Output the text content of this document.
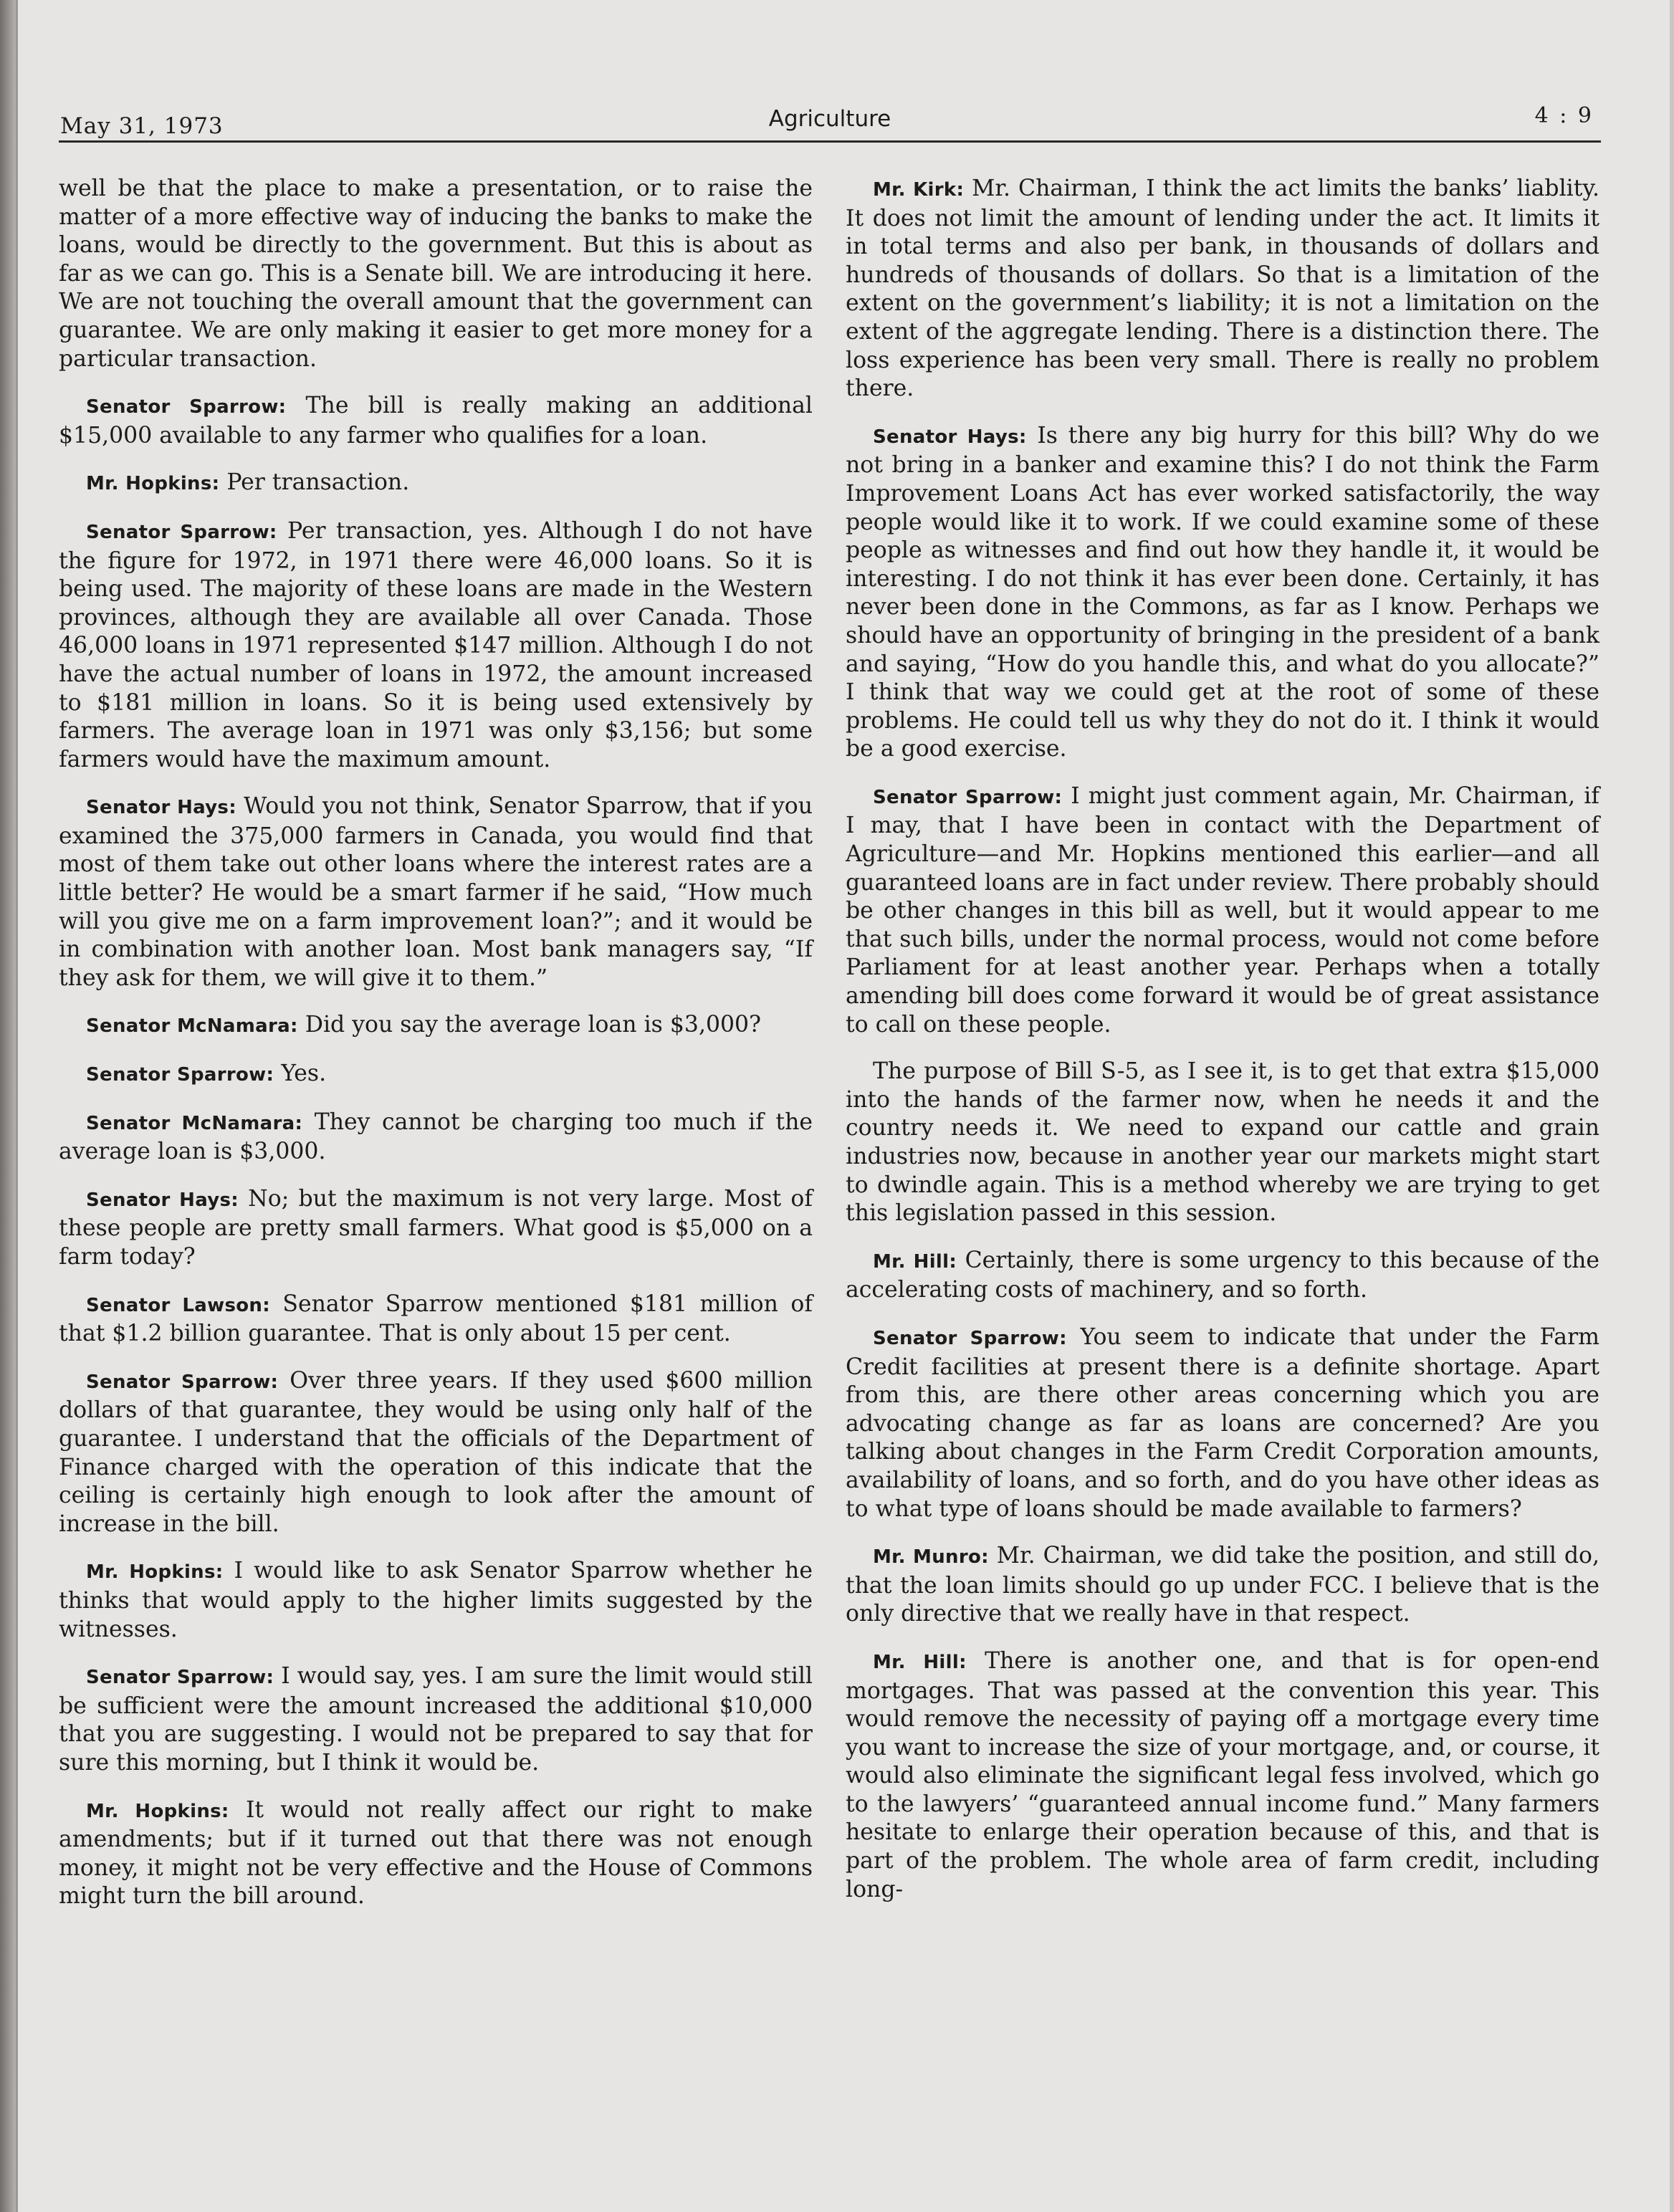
May 31, 1973	Agriculture	4 : 9

well be that the place to make a presentation, or to raise the matter of a more effective way of inducing the banks to make the loans, would be directly to the government. But this is about as far as we can go. This is a Senate bill. We are introducing it here. We are not touching the overall amount that the government can guarantee. We are only making it easier to get more money for a particular transaction.

Senator Sparrow: The bill is really making an additional $15,000 available to any farmer who qualifies for a loan.

Mr. Hopkins: Per transaction.

Senator Sparrow: Per transaction, yes. Although I do not have the figure for 1972, in 1971 there were 46,000 loans. So it is being used. The majority of these loans are made in the Western provinces, although they are available all over Canada. Those 46,000 loans in 1971 represented $147 million. Although I do not have the actual number of loans in 1972, the amount increased to $181 million in loans. So it is being used extensively by farmers. The average loan in 1971 was only $3,156; but some farmers would have the maximum amount.

Senator Hays: Would you not think, Senator Sparrow, that if you examined the 375,000 farmers in Canada, you would find that most of them take out other loans where the interest rates are a little better? He would be a smart farmer if he said, “How much will you give me on a farm improvement loan?”; and it would be in combination with another loan. Most bank managers say, “If they ask for them, we will give it to them.”

Senator McNamara: Did you say the average loan is $3,000?

Senator Sparrow: Yes.

Senator McNamara: They cannot be charging too much if the average loan is $3,000.

Senator Hays: No; but the maximum is not very large. Most of these people are pretty small farmers. What good is $5,000 on a farm today?

Senator Lawson: Senator Sparrow mentioned $181 million of that $1.2 billion guarantee. That is only about 15 per cent.

Senator Sparrow: Over three years. If they used $600 million dollars of that guarantee, they would be using only half of the guarantee. I understand that the officials of the Department of Finance charged with the operation of this indicate that the ceiling is certainly high enough to look after the amount of increase in the bill.

Mr. Hopkins: I would like to ask Senator Sparrow whether he thinks that would apply to the higher limits suggested by the witnesses.

Senator Sparrow: I would say, yes. I am sure the limit would still be sufficient were the amount increased the additional $10,000 that you are suggesting. I would not be prepared to say that for sure this morning, but I think it would be.

Mr. Hopkins: It would not really affect our right to make amendments; but if it turned out that there was not enough money, it might not be very effective and the House of Commons might turn the bill around.

Mr. Kirk: Mr. Chairman, I think the act limits the banks’ liablity. It does not limit the amount of lending under the act. It limits it in total terms and also per bank, in thousands of dollars and hundreds of thousands of dollars. So that is a limitation of the extent on the government’s liability; it is not a limitation on the extent of the aggregate lending. There is a distinction there. The loss experience has been very small. There is really no problem there.

Senator Hays: Is there any big hurry for this bill? Why do we not bring in a banker and examine this? I do not think the Farm Improvement Loans Act has ever worked satisfactorily, the way people would like it to work. If we could examine some of these people as witnesses and find out how they handle it, it would be interesting. I do not think it has ever been done. Certainly, it has never been done in the Commons, as far as I know. Perhaps we should have an opportunity of bringing in the president of a bank and saying, “How do you handle this, and what do you allocate?” I think that way we could get at the root of some of these problems. He could tell us why they do not do it. I think it would be a good exercise.

Senator Sparrow: I might just comment again, Mr. Chairman, if I may, that I have been in contact with the Department of Agriculture—and Mr. Hopkins mentioned this earlier—and all guaranteed loans are in fact under review. There probably should be other changes in this bill as well, but it would appear to me that such bills, under the normal process, would not come before Parliament for at least another year. Perhaps when a totally amending bill does come forward it would be of great assistance to call on these people.

The purpose of Bill S-5, as I see it, is to get that extra $15,000 into the hands of the farmer now, when he needs it and the country needs it. We need to expand our cattle and grain industries now, because in another year our markets might start to dwindle again. This is a method whereby we are trying to get this legislation passed in this session.

Mr. Hill: Certainly, there is some urgency to this because of the accelerating costs of machinery, and so forth.

Senator Sparrow: You seem to indicate that under the Farm Credit facilities at present there is a definite shortage. Apart from this, are there other areas concerning which you are advocating change as far as loans are concerned? Are you talking about changes in the Farm Credit Corporation amounts, availability of loans, and so forth, and do you have other ideas as to what type of loans should be made available to farmers?

Mr. Munro: Mr. Chairman, we did take the position, and still do, that the loan limits should go up under FCC. I believe that is the only directive that we really have in that respect.

Mr. Hill: There is another one, and that is for open-end mortgages. That was passed at the convention this year. This would remove the necessity of paying off a mortgage every time you want to increase the size of your mortgage, and, or course, it would also eliminate the significant legal fess involved, which go to the lawyers’ “guaranteed annual income fund.” Many farmers hesitate to enlarge their operation because of this, and that is part of the problem. The whole area of farm credit, including long-
